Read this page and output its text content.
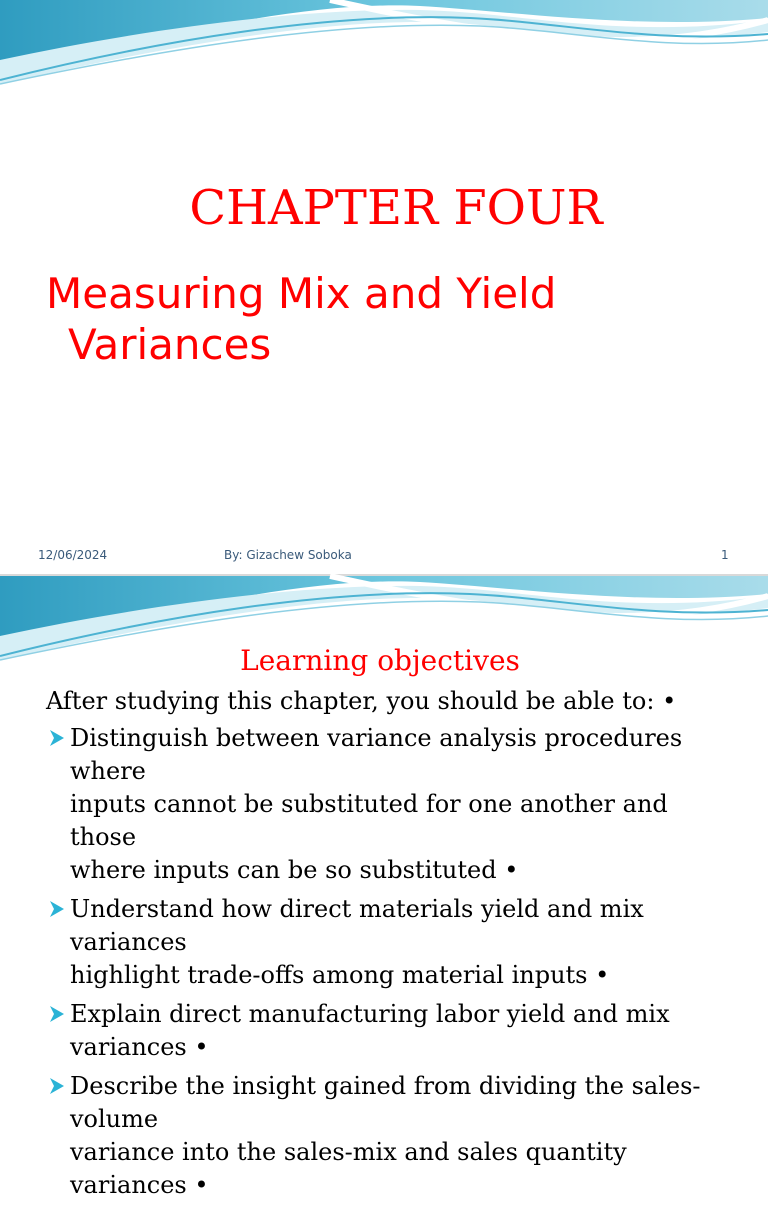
CHAPTER FOUR
Measuring Mix and Yield
Variances
12/06/2024	By: Gizachew Soboka	1
Learning objectives
After studying this chapter, you should be able to: •
Distinguish between variance analysis procedures where
inputs cannot be substituted for one another and those
where inputs can be so substituted •
Understand how direct materials yield and mix variances
highlight trade-offs among material inputs •
Explain direct manufacturing labor yield and mix
variances •
Describe the insight gained from dividing the sales-volume
variance into the sales-mix and sales quantity variances •
